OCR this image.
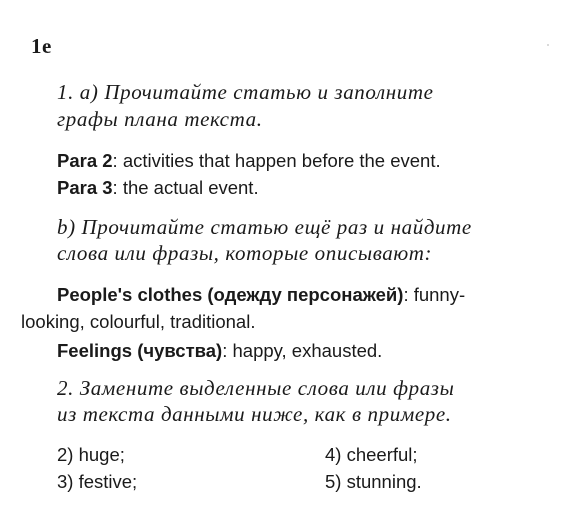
1e
1. a) Прочитайте статью и заполните
графы плана текста.
Para 2: activities that happen before the event.
Para 3: the actual event.
b) Прочитайте статью ещё раз и найдите
слова или фразы, которые описывают:
People's clothes (одежду персонажей): funny-
looking, colourful, traditional.
Feelings (чувства): happy, exhausted.
2. Замените выделенные слова или фразы
из текста данными ниже, как в примере.
2) huge;	4) cheerful;
3) festive;	5) stunning.
